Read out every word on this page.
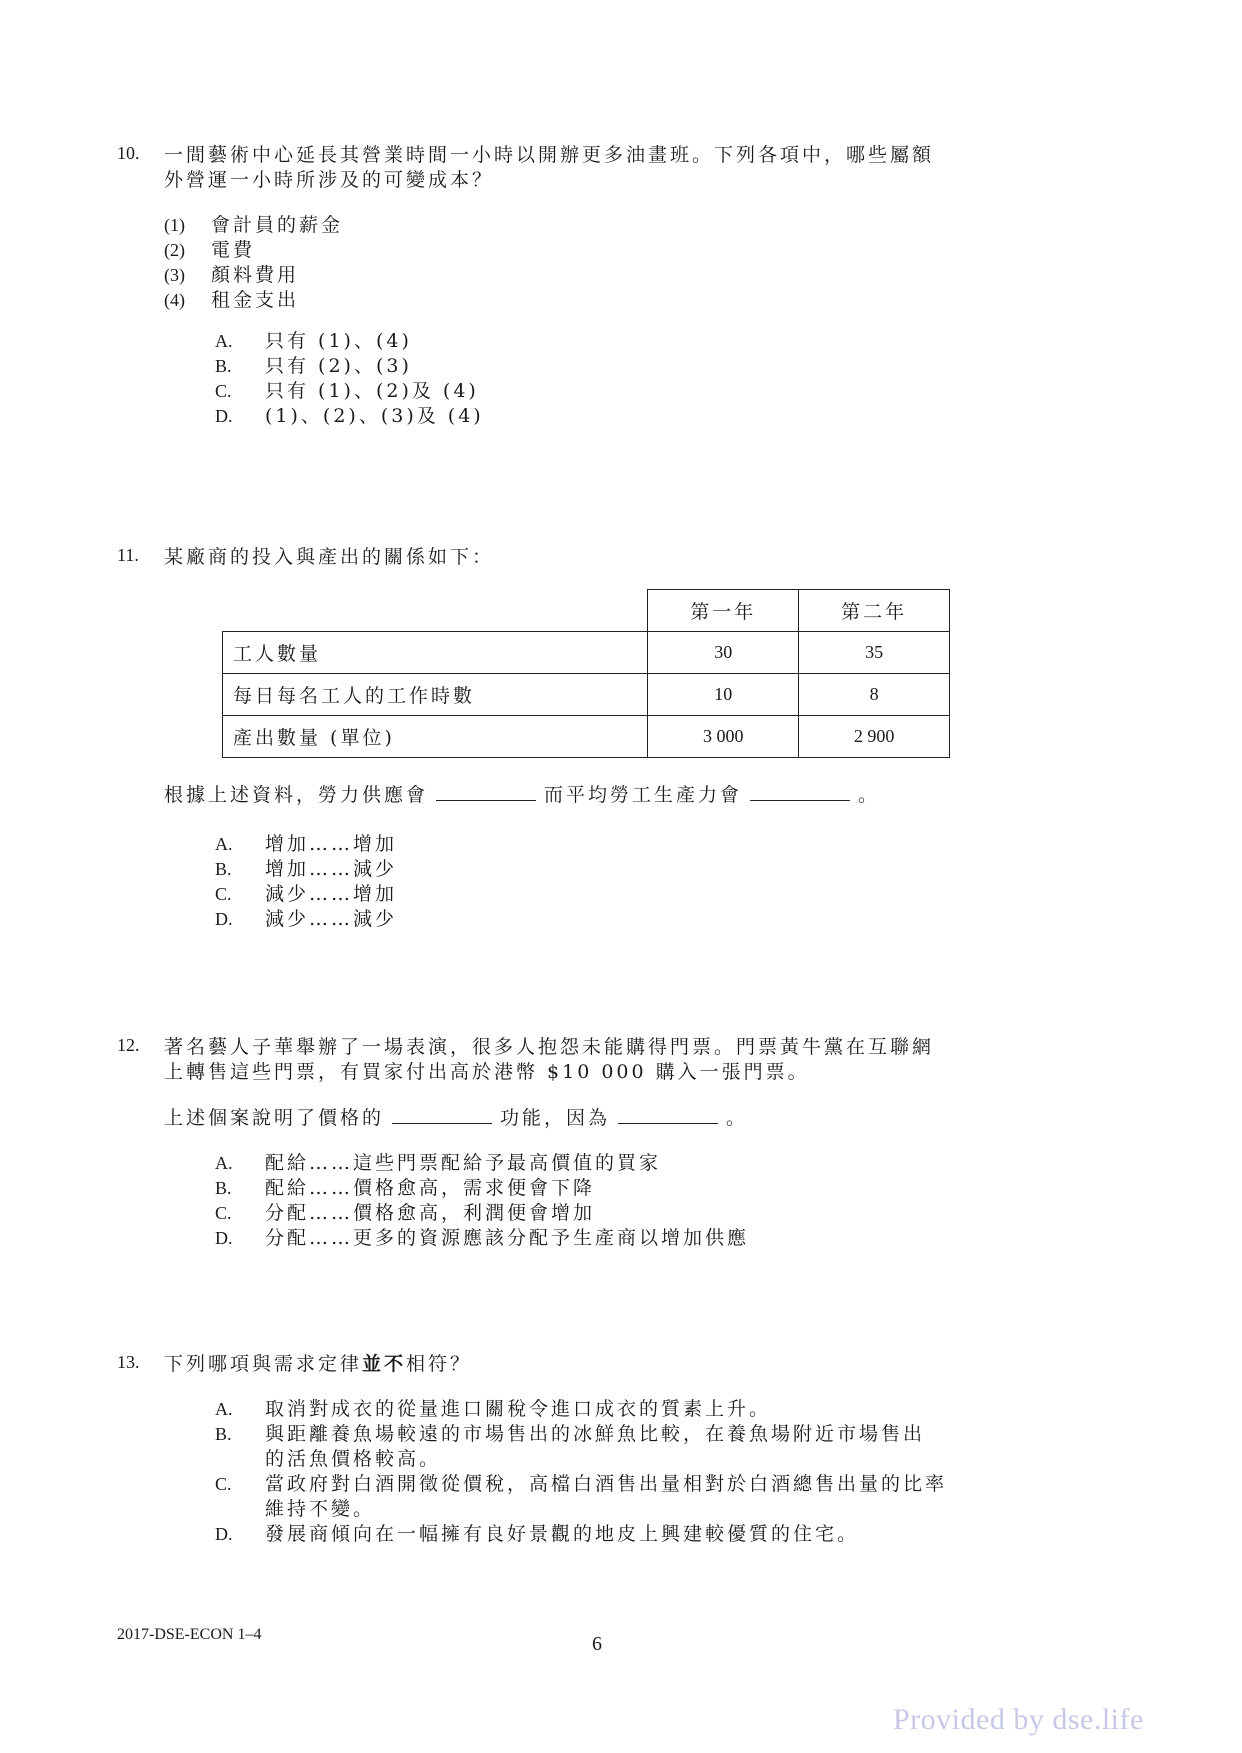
10. 一間藝術中心延長其營業時間一小時以開辦更多油畫班。下列各項中，哪些屬額

外營運一小時所涉及的可變成本？

(1) 會計員的薪金
(2) 電費
(3) 顏料費用
(4) 租金支出
A. 只有 (1)、(4)
B. 只有 (2)、(3)
C. 只有 (1)、(2)及 (4)
D. (1)、(2)、(3)及 (4)
11. 某廠商的投入與產出的關係如下：

	第一年	第二年
工人數量	30	35
每日每名工人的工作時數	10	8
產出數量 (單位)	3 000	2 900

根據上述資料，勞力供應會	而平均勞工生產力會	。

A. 增加……增加
B. 增加……減少
C. 減少……增加
D. 減少……減少
12. 著名藝人子華舉辦了一場表演，很多人抱怨未能購得門票。門票黃牛黨在互聯網

上轉售這些門票，有買家付出高於港幣 $10 000 購入一張門票。

上述個案說明了價格的	功能，因為	。

A. 配給……這些門票配給予最高價值的買家
B. 配給……價格愈高，需求便會下降
C. 分配……價格愈高，利潤便會增加
D. 分配……更多的資源應該分配予生產商以增加供應
13. 下列哪項與需求定律並不相符？

A. 取消對成衣的從量進口關稅令進口成衣的質素上升。
B. 與距離養魚場較遠的市場售出的冰鮮魚比較，在養魚場附近市場售出
的活魚價格較高。
C. 當政府對白酒開徵從價稅，高檔白酒售出量相對於白酒總售出量的比率
維持不變。
D. 發展商傾向在一幅擁有良好景觀的地皮上興建較優質的住宅。
2017-DSE-ECON 1–4	6
Provided by dse.life
